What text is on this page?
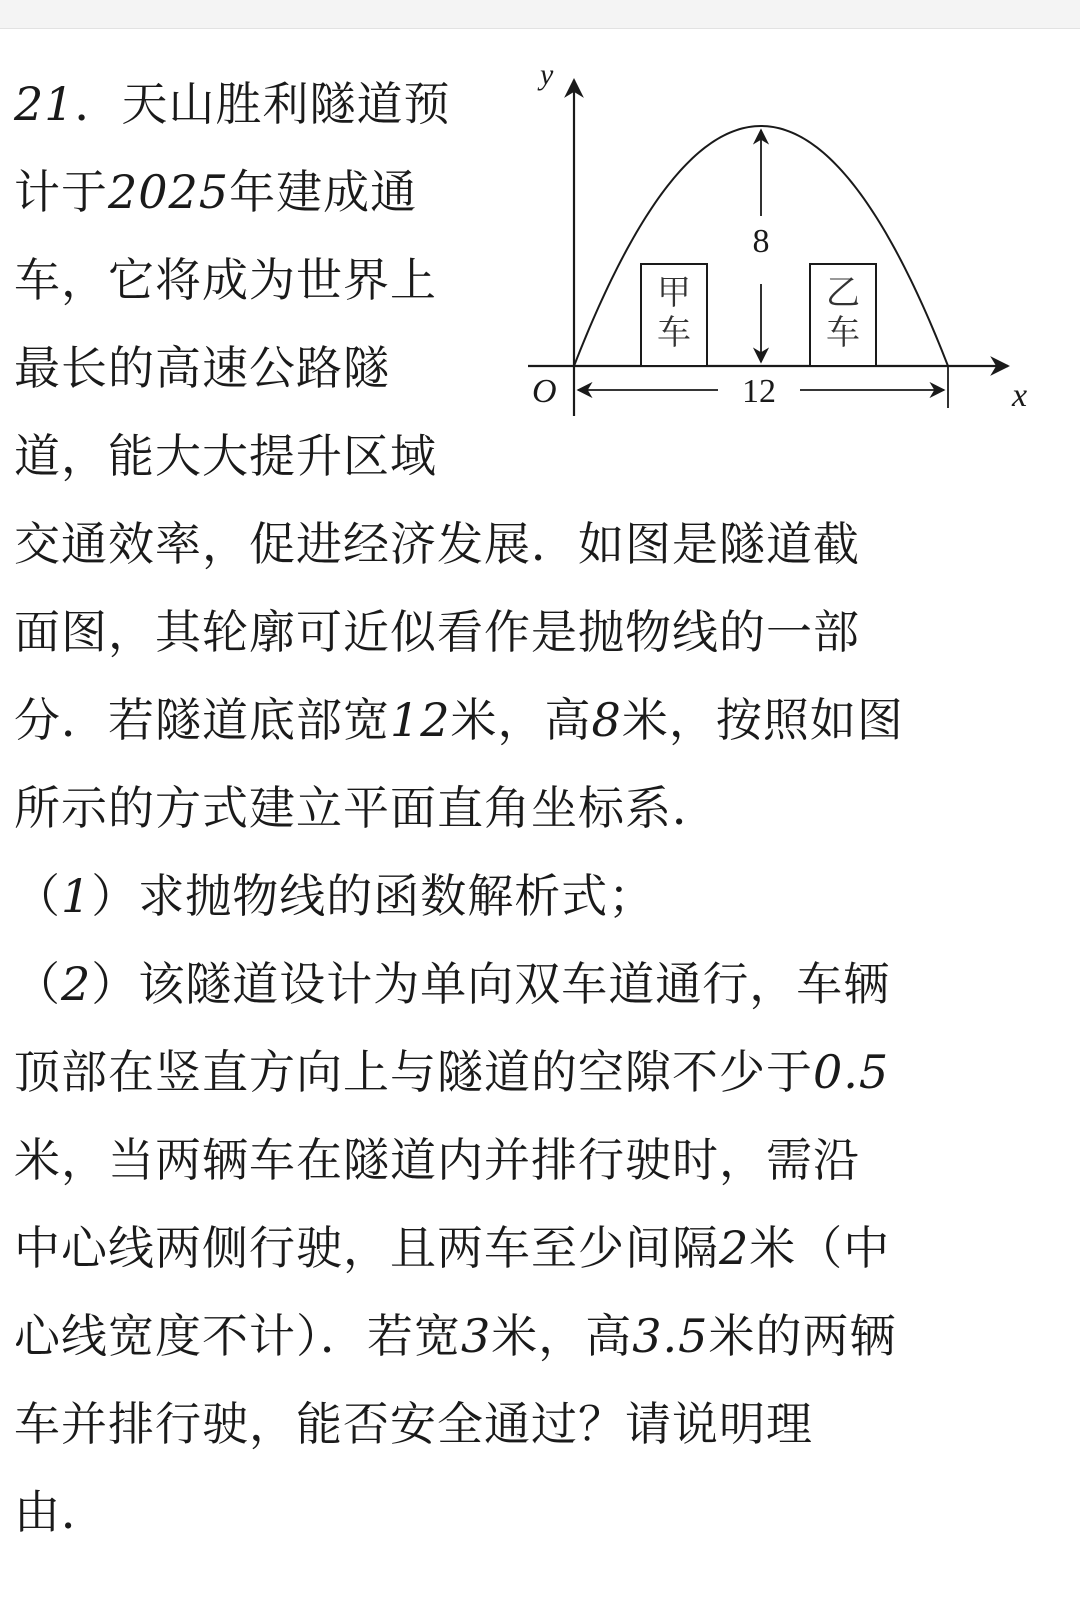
21．天山胜利隧道预
计于2025年建成通
车，它将成为世界上
最长的高速公路隧
道，能大大提升区域
交通效率，促进经济发展．如图是隧道截
面图，其轮廓可近似看作是抛物线的一部
分．若隧道底部宽12米，高8米，按照如图
所示的方式建立平面直角坐标系．
（1）求抛物线的函数解析式；
（2）该隧道设计为单向双车道通行，车辆
顶部在竖直方向上与隧道的空隙不少于0.5
米，当两辆车在隧道内并排行驶时，需沿
中心线两侧行驶，且两车至少间隔2米（中
心线宽度不计）．若宽3米，高3.5米的两辆
车并排行驶，能否安全通过？请说明理
由．
甲
车
乙
车
8
12
O	x
y
